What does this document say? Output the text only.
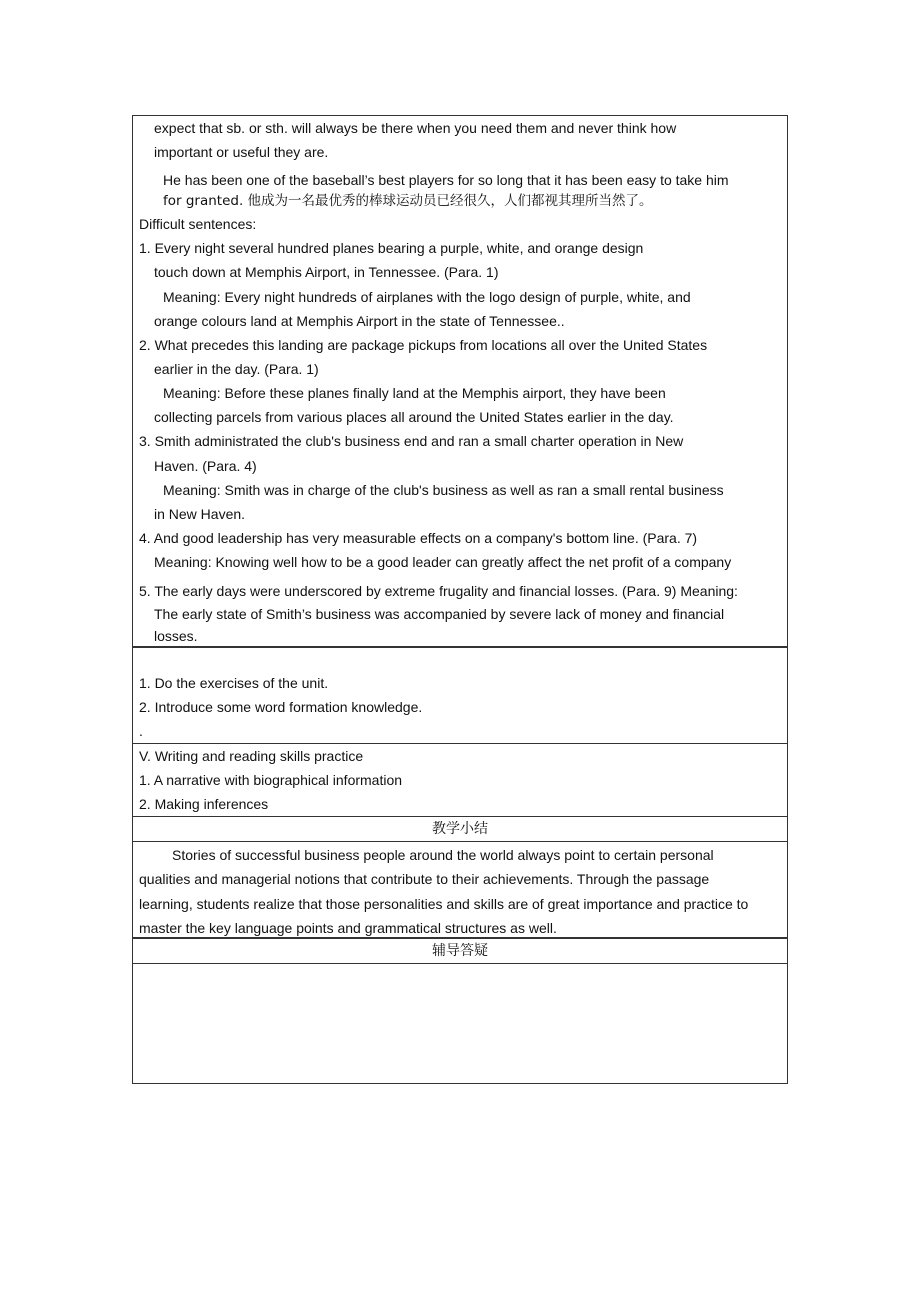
expect that sb. or sth. will always be there when you need them and never think how
important or useful they are.
He has been one of the baseball’s best players for so long that it has been easy to take him
for granted. 他成为一名最优秀的棒球运动员已经很久，人们都视其理所当然了。
Difficult sentences:
1. Every night several hundred planes bearing a purple, white, and orange design
touch down at Memphis Airport, in Tennessee. (Para. 1)
Meaning: Every night hundreds of airplanes with the logo design of purple, white, and
orange colours land at Memphis Airport in the state of Tennessee..
2. What precedes this landing are package pickups from locations all over the United States
earlier in the day. (Para. 1)
Meaning: Before these planes finally land at the Memphis airport, they have been
collecting parcels from various places all around the United States earlier in the day.
3. Smith administrated the club's business end and ran a small charter operation in New
Haven. (Para. 4)
Meaning: Smith was in charge of the club's business as well as ran a small rental business
in New Haven.
4. And good leadership has very measurable effects on a company's bottom line. (Para. 7)
Meaning: Knowing well how to be a good leader can greatly affect the net profit of a company
5. The early days were underscored by extreme frugality and financial losses. (Para. 9) Meaning:
The early state of Smith’s business was accompanied by severe lack of money and financial
losses.
1. Do the exercises of the unit.
2. Introduce some word formation knowledge.
.
V. Writing and reading skills practice
1. A narrative with biographical information
2. Making inferences
教学小结
Stories of successful business people around the world always point to certain personal
qualities and managerial notions that contribute to their achievements. Through the passage
learning, students realize that those personalities and skills are of great importance and practice to
master the key language points and grammatical structures as well.
辅导答疑
